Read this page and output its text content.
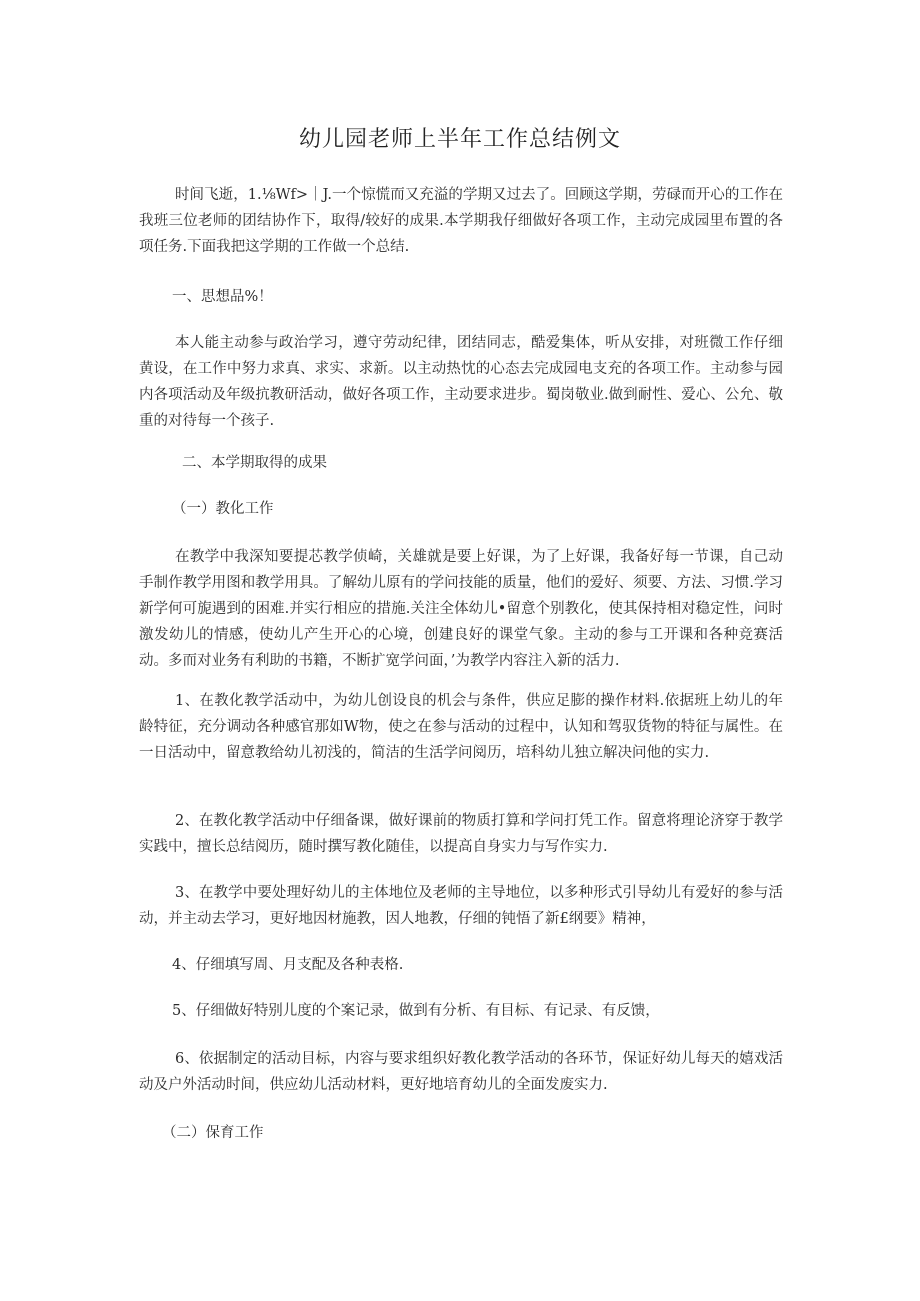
幼儿园老师上半年工作总结例文

时间飞逝，1.⅛Wf>｜J.一个惊慌而又充溢的学期又过去了。回顾这学期，劳碌而开心的工作在我班三位老师的团结协作下，取得/较好的成果.本学期我仔细做好各项工作，主动完成园里布置的各项任务.下面我把这学期的工作做一个总结.

一、思想品%！

本人能主动参与政治学习，遵守劳动纪律，团结同志，酷爱集体，听从安排，对班微工作仔细黄设，在工作中努力求真、求实、求新。以主动热忱的心态去完成园电支充的各项工作。主动参与园内各项活动及年级抗教研活动，做好各项工作，主动要求进步。蜀岗敬业.做到耐性、爱心、公允、敬重的对待每一个孩子.

二、本学期取得的成果

（一）教化工作

在教学中我深知要提芯教学侦崎，关雄就是要上好课，为了上好课，我备好每一节课，自己动手制作教学用图和教学用具。了解幼儿原有的学问技能的质量，他们的爱好、须要、方法、习惯.学习新学何可旎遇到的困难.并实行相应的措施.关注全体幼儿•留意个别教化，使其保持相对稳定性，问时激发幼儿的情感，使幼儿产生开心的心境，创建良好的课堂气象。主动的参与工开课和各种竞赛活动。多而对业务有利助的书籍，不断扩宽学问面，’为教学内容注入新的活力.

1、在教化教学活动中，为幼儿创设良的机会与条件，供应足膨的操作材料.依据班上幼儿的年龄特征，充分调动各种感官那如W物，使之在参与活动的过程中，认知和驾驭货物的特征与属性。在一日活动中，留意教给幼儿初浅的，简洁的生活学问阅历，培科幼儿独立解决问他的实力.

2、在教化教学活动中仔细备课，做好课前的物质打算和学问打凭工作。留意将理论济穿于教学实践中，擅长总结阅历，随时撰写教化随佳，以提高自身实力与写作实力.

3、在教学中要处理好幼儿的主体地位及老师的主导地位，以多种形式引导幼儿有爱好的参与活动，并主动去学习，更好地因材施教，因人地教，仔细的钝悟了新£纲要》精神，

4、仔细填写周、月支配及各种表格.

5、仔细做好特别儿度的个案记录，做到有分析、有目标、有记录、有反馈，

6、依据制定的活动目标，内容与要求组织好教化教学活动的各环节，保证好幼儿每天的嬉戏活动及户外活动时间，供应幼儿活动材料，更好地培育幼儿的全面发废实力.

（二）保育工作
